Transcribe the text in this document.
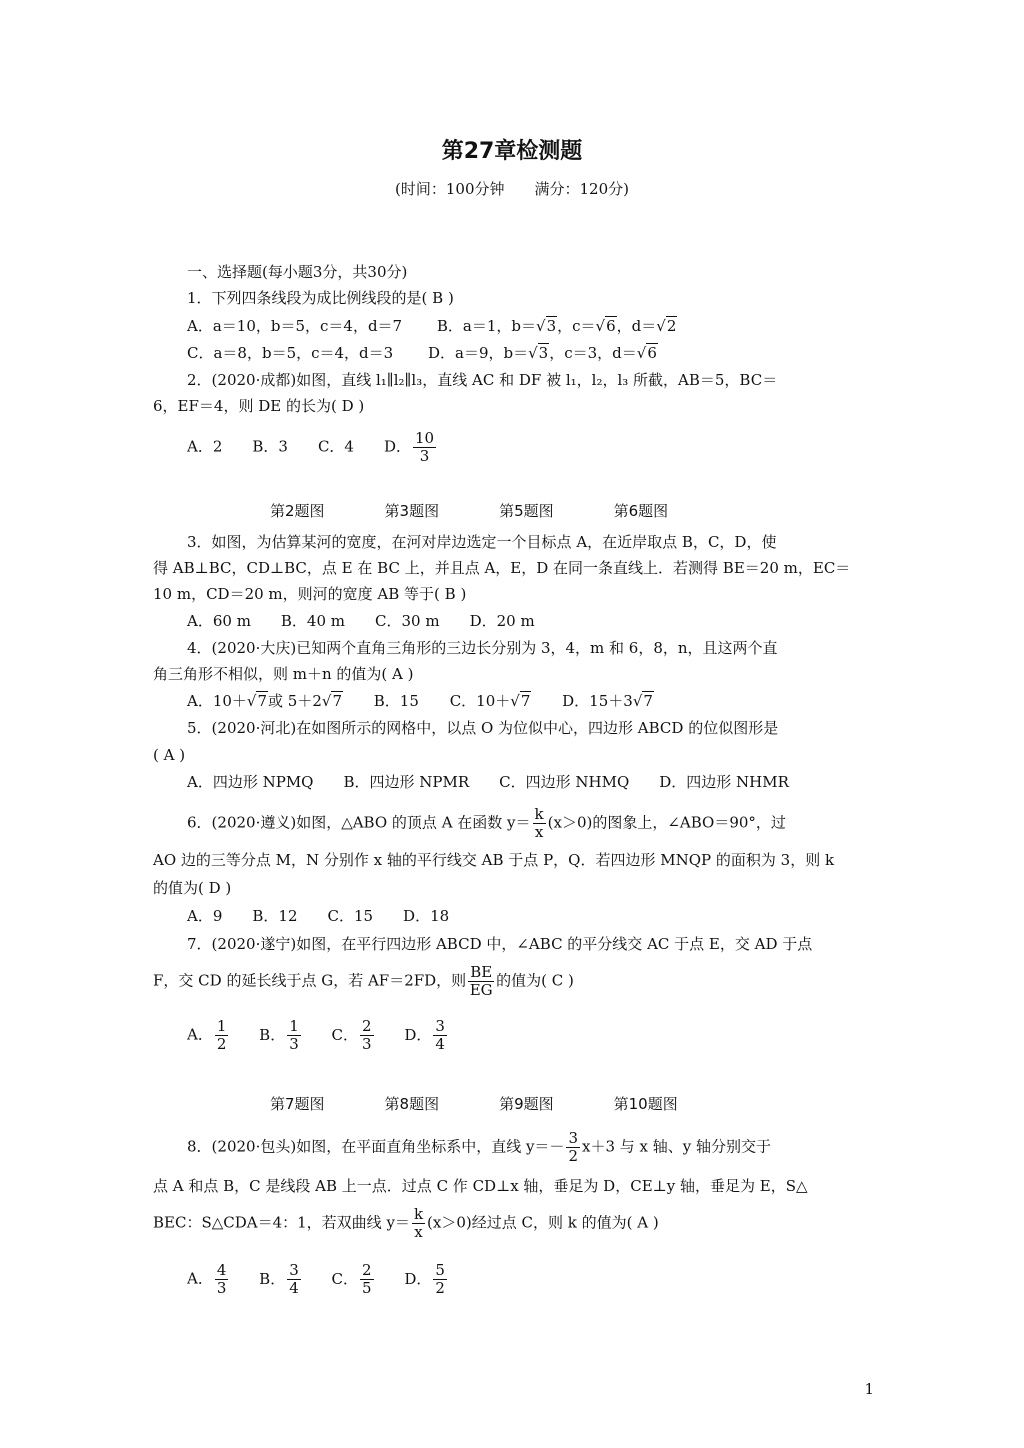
第27章检测题
(时间：100分钟　　满分：120分)
一、选择题(每小题3分，共30分)
1．下列四条线段为成比例线段的是( B )
A．a＝10，b＝5，c＝4，d＝7 B．a＝1，b＝√3，c＝√6，d＝√2
C．a＝8，b＝5，c＝4，d＝3 D．a＝9，b＝√3，c＝3，d＝√6
2．(2020·成都)如图，直线 l₁∥l₂∥l₃，直线 AC 和 DF 被 l₁，l₂，l₃ 所截，AB＝5，BC＝
6，EF＝4，则 DE 的长为( D )
A．2　　B．3　　C．4　　D． $\frac{10}{3}$
第2题图	第3题图	第5题图	第6题图
3．如图，为估算某河的宽度，在河对岸边选定一个目标点 A，在近岸取点 B，C，D，使
得 AB⊥BC，CD⊥BC，点 E 在 BC 上，并且点 A，E，D 在同一条直线上．若测得 BE＝20 m，EC＝
10 m，CD＝20 m，则河的宽度 AB 等于( B )
A．60 m　　B．40 m　　C．30 m　　D．20 m
4．(2020·大庆)已知两个直角三角形的三边长分别为 3，4，m 和 6，8，n，且这两个直
角三角形不相似，则 m＋n 的值为( A )
A．10＋√7或 5＋2√7 B．15 C．10＋√7 D．15＋3√7
5．(2020·河北)在如图所示的网格中，以点 O 为位似中心，四边形 ABCD 的位似图形是
( A )
A．四边形 NPMQ　　B．四边形 NPMR　　C．四边形 NHMQ　　D．四边形 NHMR
6．(2020·遵义)如图，△ABO 的顶点 A 在函数 $y= \frac{k}{x} (x>0)$的图象上，∠ABO＝90°，过
AO 边的三等分点 M，N 分别作 x 轴的平行线交 AB 于点 P，Q．若四边形 MNQP 的面积为 3，则 k
的值为( D )
A．9　　B．12　　C．15　　D．18
7．(2020·遂宁)如图，在平行四边形 ABCD 中，∠ABC 的平分线交 AC 于点 E，交 AD 于点
F，交 CD 的延长线于点 G，若 AF＝2FD，则 $\frac{BE}{EG}$ 的值为( C )
A． $\frac{1}{2}$ B． $\frac{1}{3}$ C． $\frac{2}{3}$ D． $\frac{3}{4}$
第7题图	第8题图	第9题图	第10题图
8．(2020·包头)如图，在平面直角坐标系中，直线 $y=- \frac{3}{2} x+3$ 与 x 轴、y 轴分别交于
点 A 和点 B，C 是线段 AB 上一点．过点 C 作 CD⊥x 轴，垂足为 D，CE⊥y 轴，垂足为 E，S△
BEC：S△CDA＝4：1，若双曲线 $y= \frac{k}{x} (x>0)$经过点 C，则 k 的值为( A )
A． $\frac{4}{3}$ B． $\frac{3}{4}$ C． $\frac{2}{5}$ D． $\frac{5}{2}$
1
